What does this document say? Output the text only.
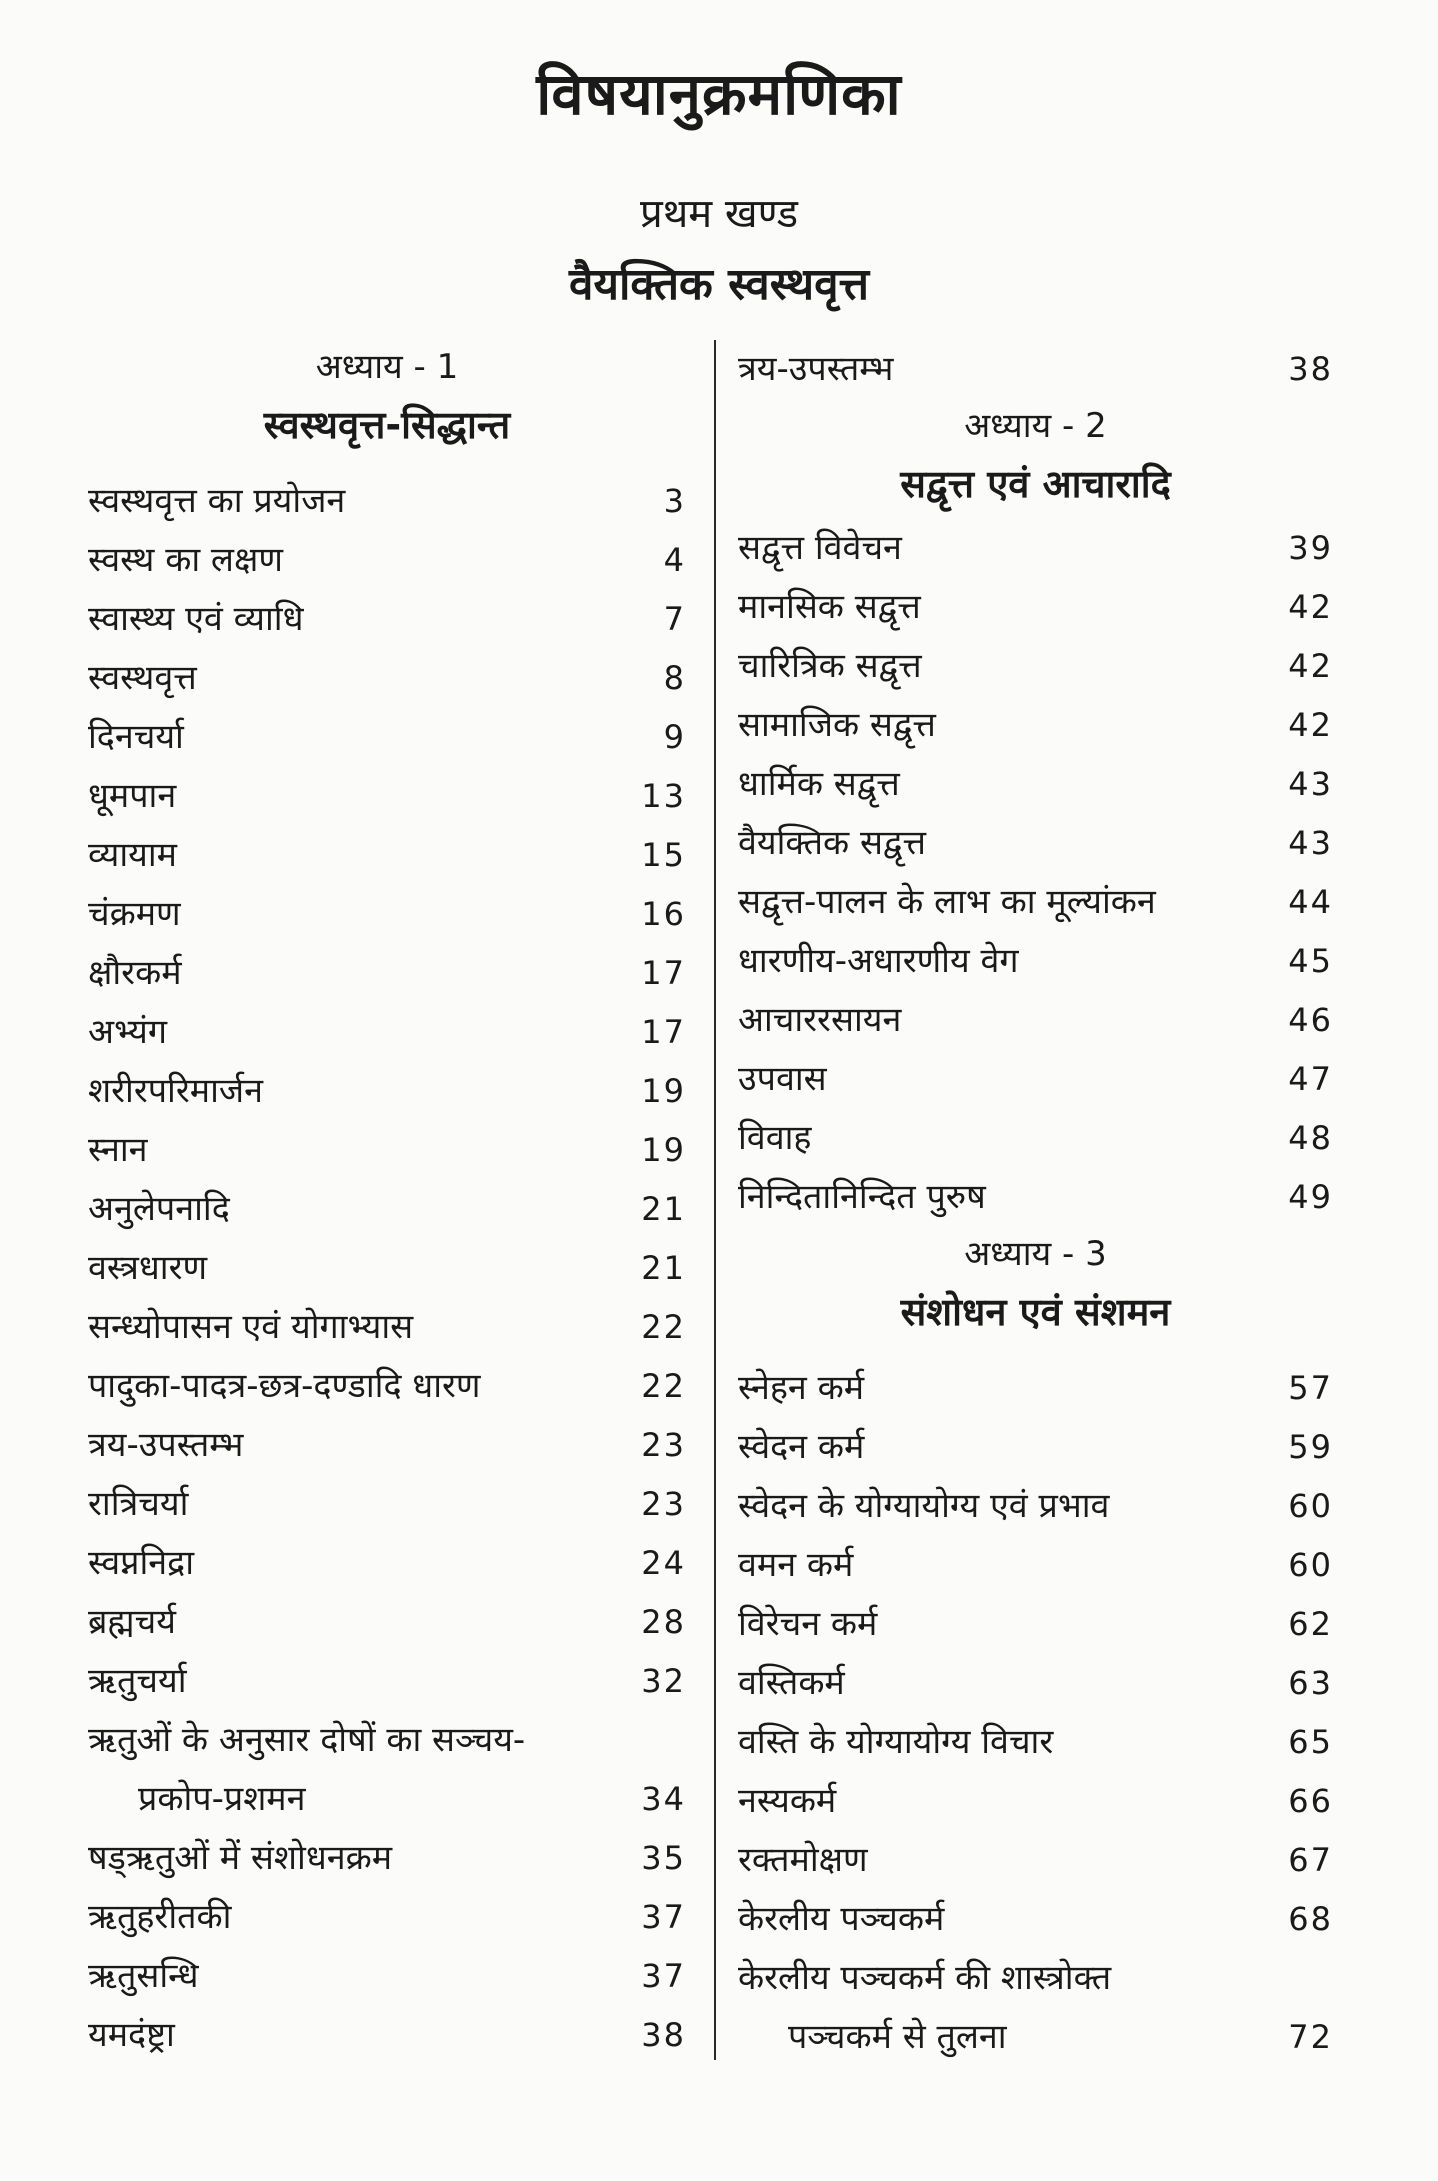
विषयानुक्रमणिका
प्रथम खण्ड
वैयक्तिक स्वस्थवृत्त
अध्याय - 1
स्वस्थवृत्त-सिद्धान्त
स्वस्थवृत्त का प्रयोजन	3
स्वस्थ का लक्षण	4
स्वास्थ्य एवं व्याधि	7
स्वस्थवृत्त	8
दिनचर्या	9
धूमपान	13
व्यायाम	15
चंक्रमण	16
क्षौरकर्म	17
अभ्यंग	17
शरीरपरिमार्जन	19
स्नान	19
अनुलेपनादि	21
वस्त्रधारण	21
सन्ध्योपासन एवं योगाभ्यास	22
पादुका-पादत्र-छत्र-दण्डादि धारण	22
त्रय-उपस्तम्भ	23
रात्रिचर्या	23
स्वप्ननिद्रा	24
ब्रह्मचर्य	28
ऋतुचर्या	32
ऋतुओं के अनुसार दोषों का सञ्चय-
प्रकोप-प्रशमन	34
षड्ऋतुओं में संशोधनक्रम	35
ऋतुहरीतकी	37
ऋतुसन्धि	37
यमदंष्ट्रा	38
त्रय-उपस्तम्भ	38
अध्याय - 2
सद्वृत्त एवं आचारादि
सद्वृत्त विवेचन	39
मानसिक सद्वृत्त	42
चारित्रिक सद्वृत्त	42
सामाजिक सद्वृत्त	42
धार्मिक सद्वृत्त	43
वैयक्तिक सद्वृत्त	43
सद्वृत्त-पालन के लाभ का मूल्यांकन	44
धारणीय-अधारणीय वेग	45
आचाररसायन	46
उपवास	47
विवाह	48
निन्दितानिन्दित पुरुष	49
अध्याय - 3
संशोधन एवं संशमन
स्नेहन कर्म	57
स्वेदन कर्म	59
स्वेदन के योग्यायोग्य एवं प्रभाव	60
वमन कर्म	60
विरेचन कर्म	62
वस्तिकर्म	63
वस्ति के योग्यायोग्य विचार	65
नस्यकर्म	66
रक्तमोक्षण	67
केरलीय पञ्चकर्म	68
केरलीय पञ्चकर्म की शास्त्रोक्त
पञ्चकर्म से तुलना	72
